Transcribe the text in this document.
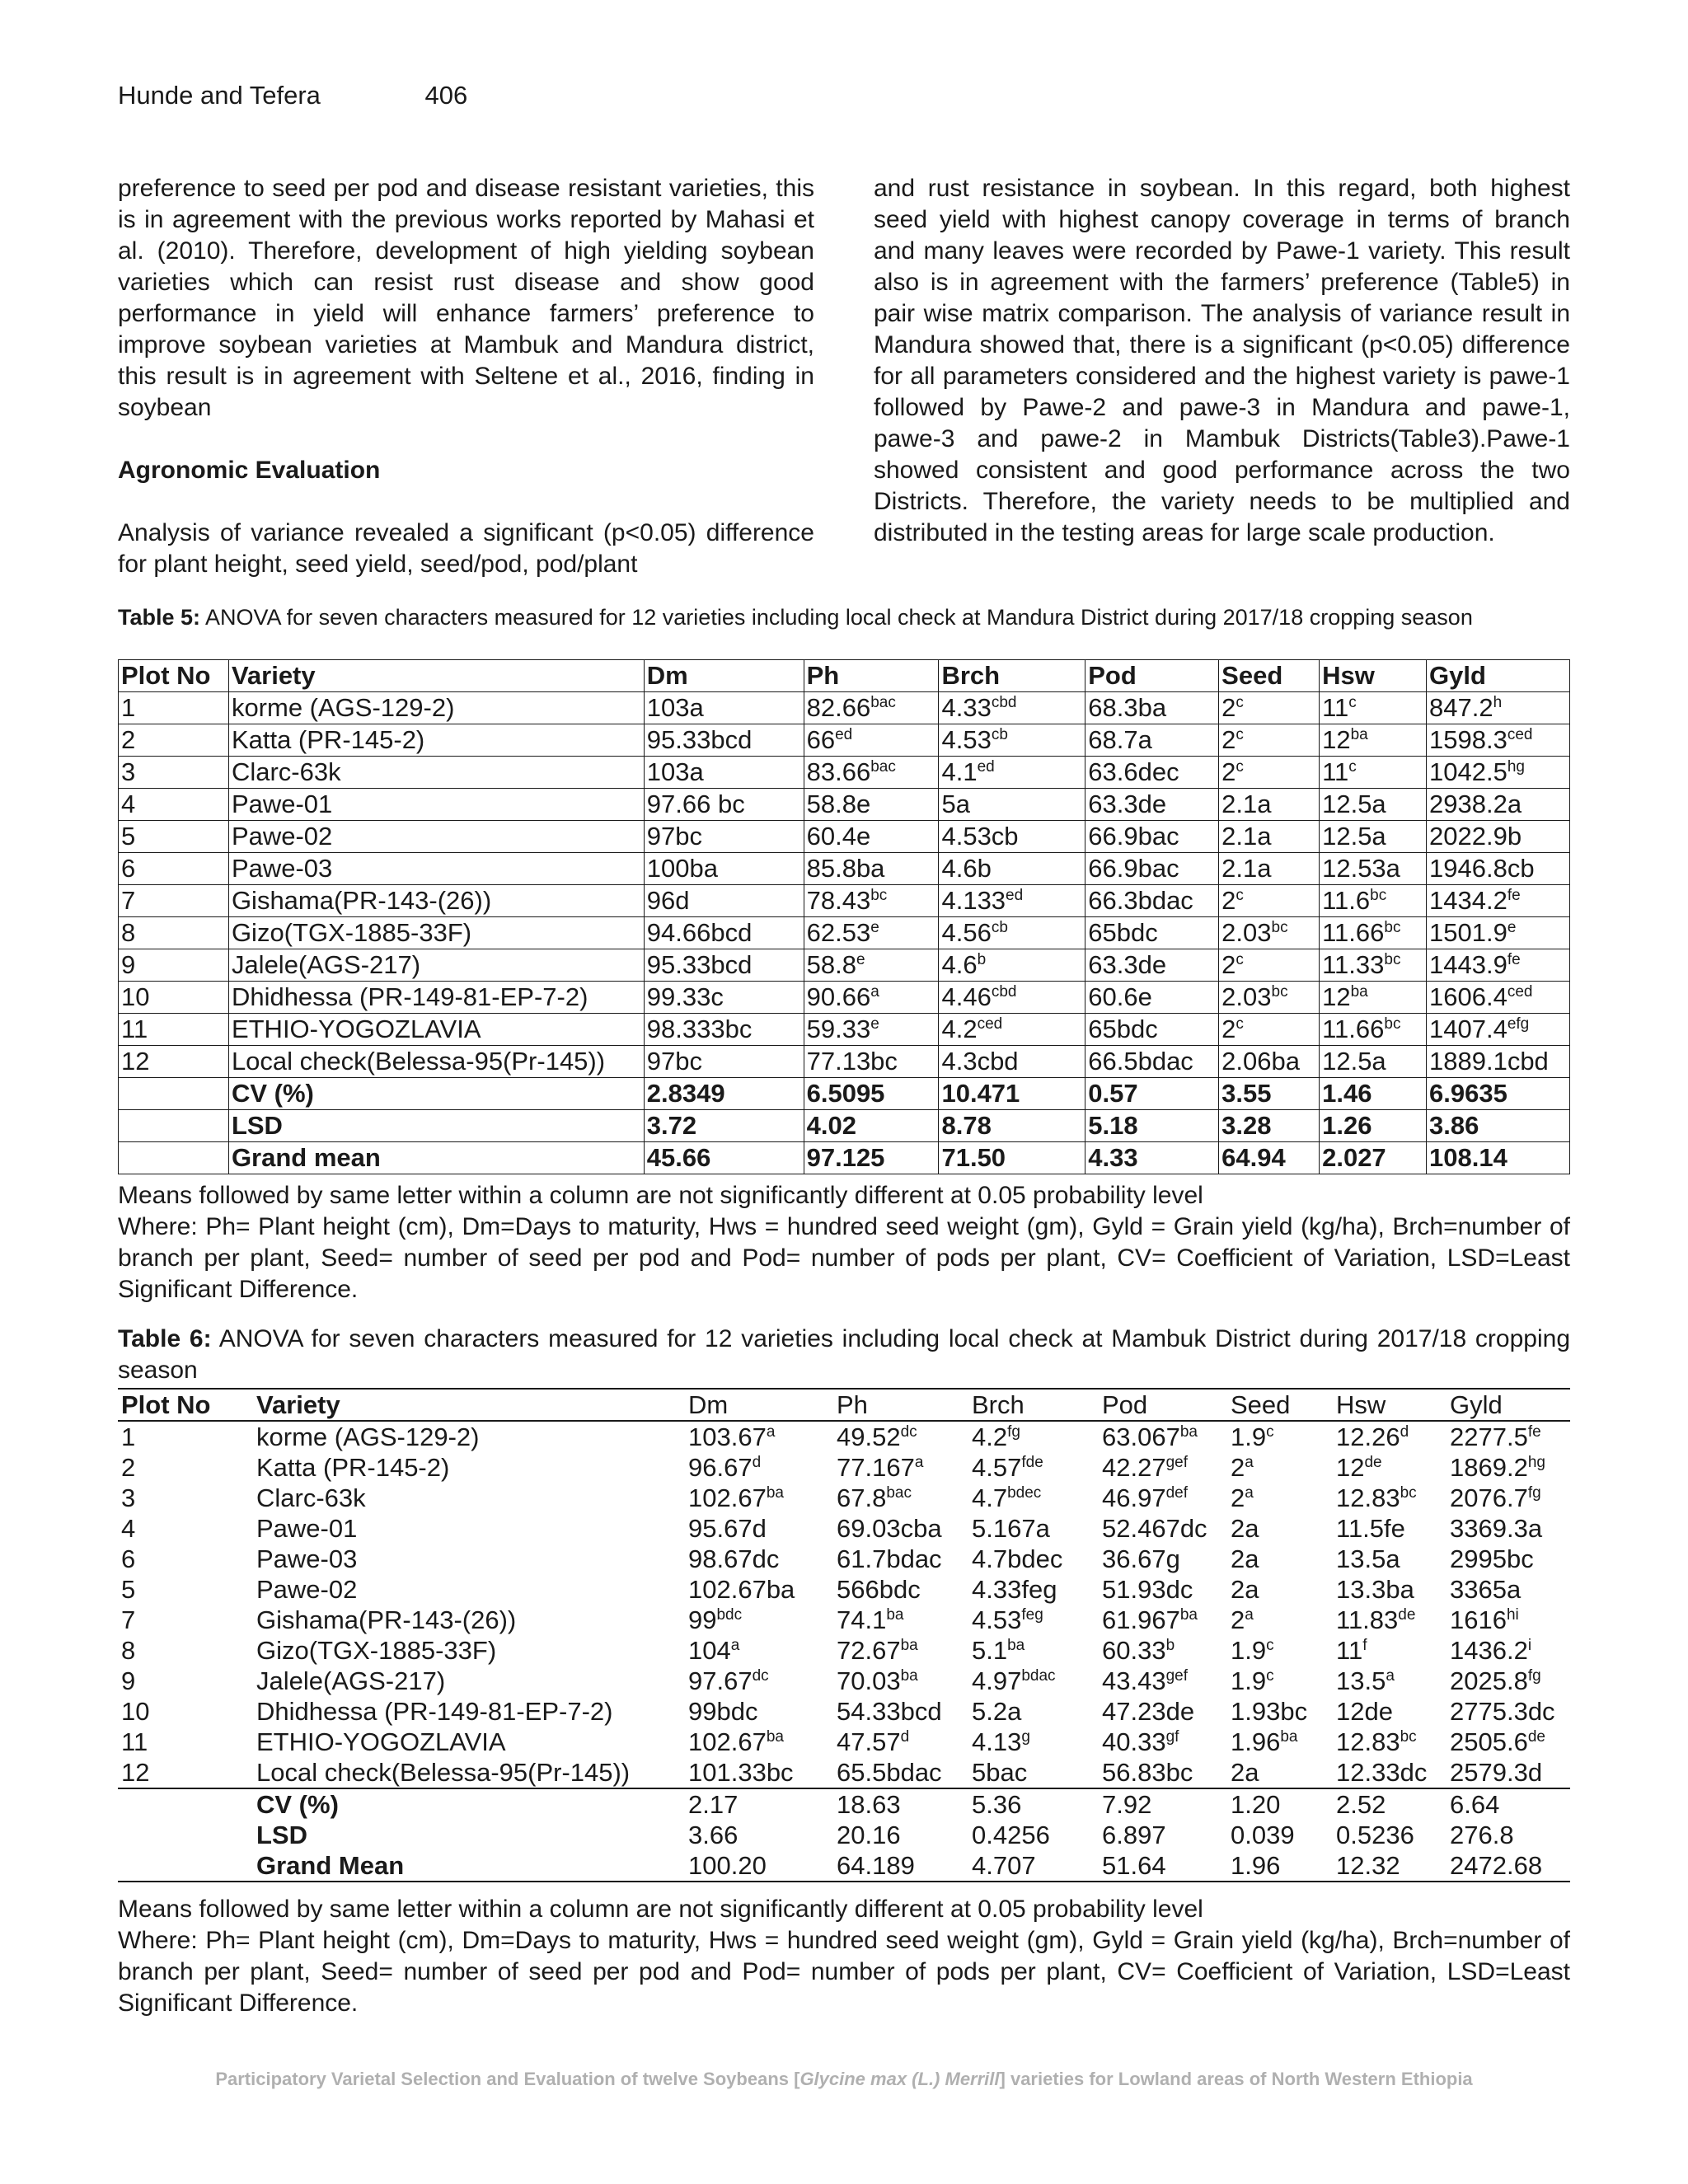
Hunde and Tefera	406

preference to seed per pod and disease resistant varieties, this is in agreement with the previous works reported by Mahasi et al. (2010). Therefore, development of high yielding soybean varieties which can resist rust disease and show good performance in yield will enhance farmers’ preference to improve soybean varieties at Mambuk and Mandura district, this result is in agreement with Seltene et al., 2016, finding in soybean

Agronomic Evaluation

Analysis of variance revealed a significant (p<0.05) difference for plant height, seed yield, seed/pod, pod/plant

and rust resistance in soybean. In this regard, both highest seed yield with highest canopy coverage in terms of branch and many leaves were recorded by Pawe-1 variety. This result also is in agreement with the farmers’ preference (Table5) in pair wise matrix comparison. The analysis of variance result in Mandura showed that, there is a significant (p<0.05) difference for all parameters considered and the highest variety is pawe-1 followed by Pawe-2 and pawe-3 in Mandura and pawe-1, pawe-3 and pawe-2 in Mambuk Districts(Table3).Pawe-1 showed consistent and good performance across the two Districts. Therefore, the variety needs to be multiplied and distributed in the testing areas for large scale production.

Table 5: ANOVA for seven characters measured for 12 varieties including local check at Mandura District during 2017/18 cropping season
Plot No	Variety	Dm	Ph	Brch	Pod	Seed	Hsw	Gyld
1	korme (AGS-129-2)	103a	82.66$^{bac}$	4.33$^{cbd}$	68.3ba	2$^c$	11$^c$	847.2$^h$
2	Katta (PR-145-2)	95.33bcd	$66^{ed}$	4.53$^{cb}$	68.7a	2$^c$	$12^{ba}$	1598.3$^{ced}$
3	Clarc-63k	103a	83.66$^{bac}$	4.1$^{ed}$	63.6dec	2$^c$	11$^c$	1042.5$^{hg}$
4	Pawe-01	97.66 bc	58.8e	5a	63.3de	2.1a	12.5a	2938.2a
5	Pawe-02	97bc	60.4e	4.53cb	66.9bac	2.1a	12.5a	2022.9b
6	Pawe-03	100ba	85.8ba	4.6b	66.9bac	2.1a	12.53a	1946.8cb
7	Gishama(PR-143-(26))	96d	78.43$^{bc}$	4.133$^{ed}$	66.3bdac	2$^c$	11.6$^{bc}$	1434.2$^{fe}$
8	Gizo(TGX-1885-33F)	94.66bcd	62.53e	4.56$^{cb}$	65bdc	2.03$^{bc}$	11.66$^{bc}$	1501.9e
9	Jalele(AGS-217)	95.33bcd	58.8e	4.6$^b$	63.3de	2$^c$	11.33$^{bc}$	1443.9$^{fe}$
10	Dhidhessa (PR-149-81-EP-7-2)	99.33c	90.66$^a$	4.46$^{cbd}$	60.6e	2.03$^{bc}$	$12^{ba}$	1606.4$^{ced}$
11	ETHIO-YOGOZLAVIA	98.333bc	59.33e	4.2$^{ced}$	65bdc	2$^c$	11.66$^{bc}$	1407.4$^{efg}$
12	Local check(Belessa-95(Pr-145))	97bc	77.13bc	4.3cbd	66.5bdac	2.06ba	12.5a	1889.1cbd
	CV (%)	2.8349	6.5095	10.471	0.57	3.55	1.46	6.9635
	LSD	3.72	4.02	8.78	5.18	3.28	1.26	3.86
	Grand mean	45.66	97.125	71.50	4.33	64.94	2.027	108.14
Means followed by same letter within a column are not significantly different at 0.05 probability level
Where: Ph= Plant height (cm), Dm=Days to maturity, Hws = hundred seed weight (gm), Gyld = Grain yield (kg/ha), Brch=number of branch per plant, Seed= number of seed per pod and Pod= number of pods per plant, CV= Coefficient of Variation, LSD=Least Significant Difference.
Table 6: ANOVA for seven characters measured for 12 varieties including local check at Mambuk District during 2017/18 cropping season
Plot No	Variety	Dm	Ph	Brch	Pod	Seed	Hsw	Gyld
1	korme (AGS-129-2)	103.67$^a$	49.52$^{dc}$	4.2$^{fg}$	63.067$^{ba}$	1.9$^c$	12.26$^d$	2277.5$^{fe}$
2	Katta (PR-145-2)	96.67$^d$	77.167$^a$	4.57$^{fde}$	42.27$^{gef}$	2$^a$	12de	1869.2$^{hg}$
3	Clarc-63k	102.67$^{ba}$	67.8$^{bac}$	$4.7^{bdec}$	46.97$^{def}$	2$^a$	12.83$^{bc}$	2076.7$^{fg}$
4	Pawe-01	95.67d	69.03cba	5.167a	52.467dc	2a	11.5fe	3369.3a
6	Pawe-03	98.67dc	61.7bdac	4.7bdec	36.67g	2a	13.5a	2995bc
5	Pawe-02	102.67ba	566bdc	4.33feg	51.93dc	2a	13.3ba	3365a
7	Gishama(PR-143-(26))	$99^{bdc}$	74.1$^{ba}$	4.53$^{feg}$	61.967$^{ba}$	2$^a$	11.83de	$1616^{hi}$
8	Gizo(TGX-1885-33F)	104$^a$	72.67$^{ba}$	5.1$^{ba}$	60.33$^b$	1.9$^c$	11$^f$	1436.2$^i$
9	Jalele(AGS-217)	97.67$^{dc}$	70.03$^{ba}$	$4.97^{bdac}$	43.43$^{gef}$	1.9$^c$	13.5$^a$	2025.8$^{fg}$
10	Dhidhessa (PR-149-81-EP-7-2)	99bdc	54.33bcd	5.2a	47.23de	1.93bc	12de	2775.3dc
11	ETHIO-YOGOZLAVIA	102.67$^{ba}$	47.57$^d$	4.13$^g$	40.33$^{gf}$	1.96$^{ba}$	12.83$^{bc}$	2505.6de
12	Local check(Belessa-95(Pr-145))	101.33bc	65.5bdac	5bac	56.83bc	2a	12.33dc	2579.3d
	CV (%)	2.17	18.63	5.36	7.92	1.20	2.52	6.64
	LSD	3.66	20.16	0.4256	6.897	0.039	0.5236	276.8
	Grand Mean	100.20	64.189	4.707	51.64	1.96	12.32	2472.68
Means followed by same letter within a column are not significantly different at 0.05 probability level
Where: Ph= Plant height (cm), Dm=Days to maturity, Hws = hundred seed weight (gm), Gyld = Grain yield (kg/ha), Brch=number of branch per plant, Seed= number of seed per pod and Pod= number of pods per plant, CV= Coefficient of Variation, LSD=Least Significant Difference.
Participatory Varietal Selection and Evaluation of twelve Soybeans [Glycine max (L.) Merrill] varieties for Lowland areas of North Western Ethiopia
